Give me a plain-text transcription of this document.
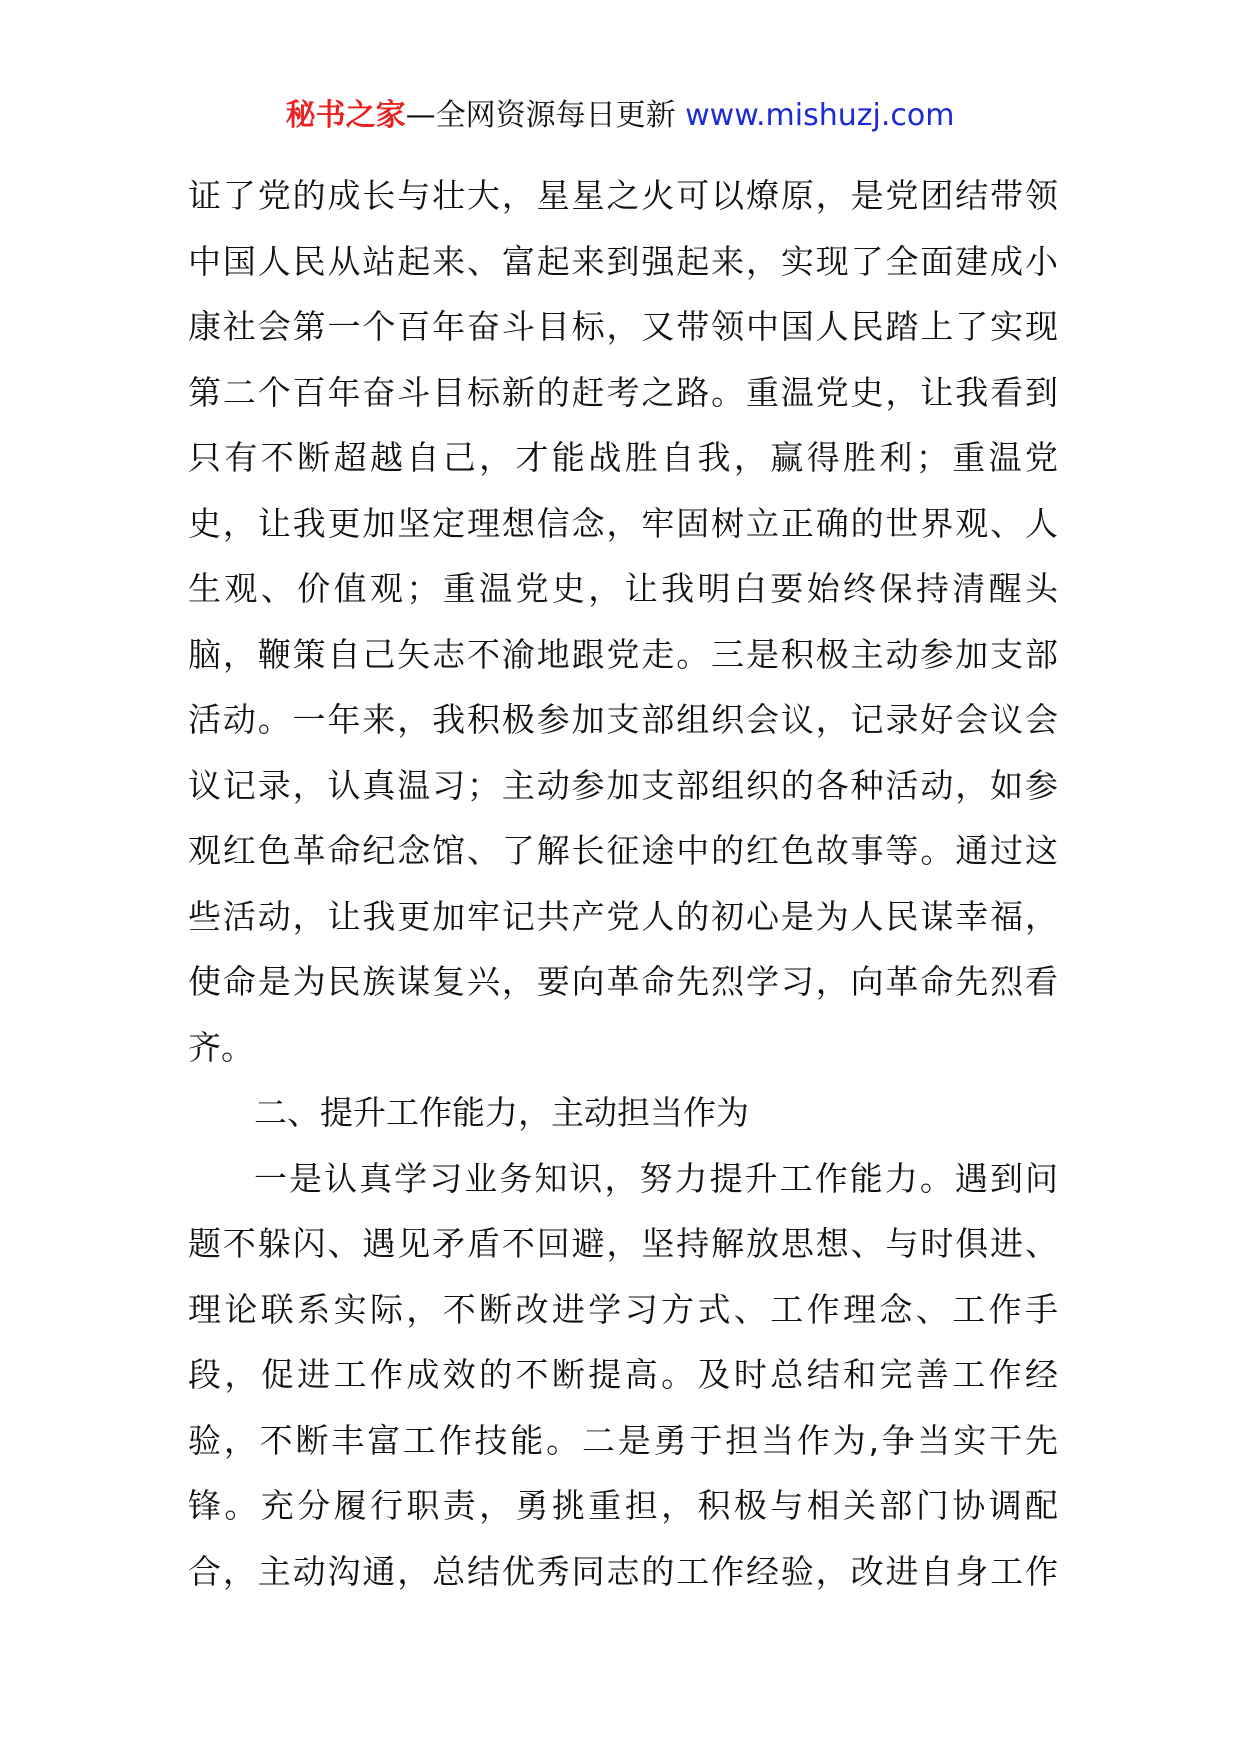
秘书之家—全网资源每日更新 www.mishuzj.com
证了党的成长与壮大，星星之火可以燎原，是党团结带领
中国人民从站起来、富起来到强起来，实现了全面建成小
康社会第一个百年奋斗目标，又带领中国人民踏上了实现
第二个百年奋斗目标新的赶考之路。重温党史，让我看到
只有不断超越自己，才能战胜自我，赢得胜利；重温党
史，让我更加坚定理想信念，牢固树立正确的世界观、人
生观、价值观；重温党史，让我明白要始终保持清醒头
脑，鞭策自己矢志不渝地跟党走。三是积极主动参加支部
活动。一年来，我积极参加支部组织会议，记录好会议会
议记录，认真温习；主动参加支部组织的各种活动，如参
观红色革命纪念馆、了解长征途中的红色故事等。通过这
些活动，让我更加牢记共产党人的初心是为人民谋幸福，
使命是为民族谋复兴，要向革命先烈学习，向革命先烈看
齐。
二、提升工作能力，主动担当作为
一是认真学习业务知识，努力提升工作能力。遇到问
题不躲闪、遇见矛盾不回避，坚持解放思想、与时俱进、
理论联系实际，不断改进学习方式、工作理念、工作手
段，促进工作成效的不断提高。及时总结和完善工作经
验，不断丰富工作技能。二是勇于担当作为,争当实干先
锋。充分履行职责，勇挑重担，积极与相关部门协调配
合，主动沟通，总结优秀同志的工作经验，改进自身工作
